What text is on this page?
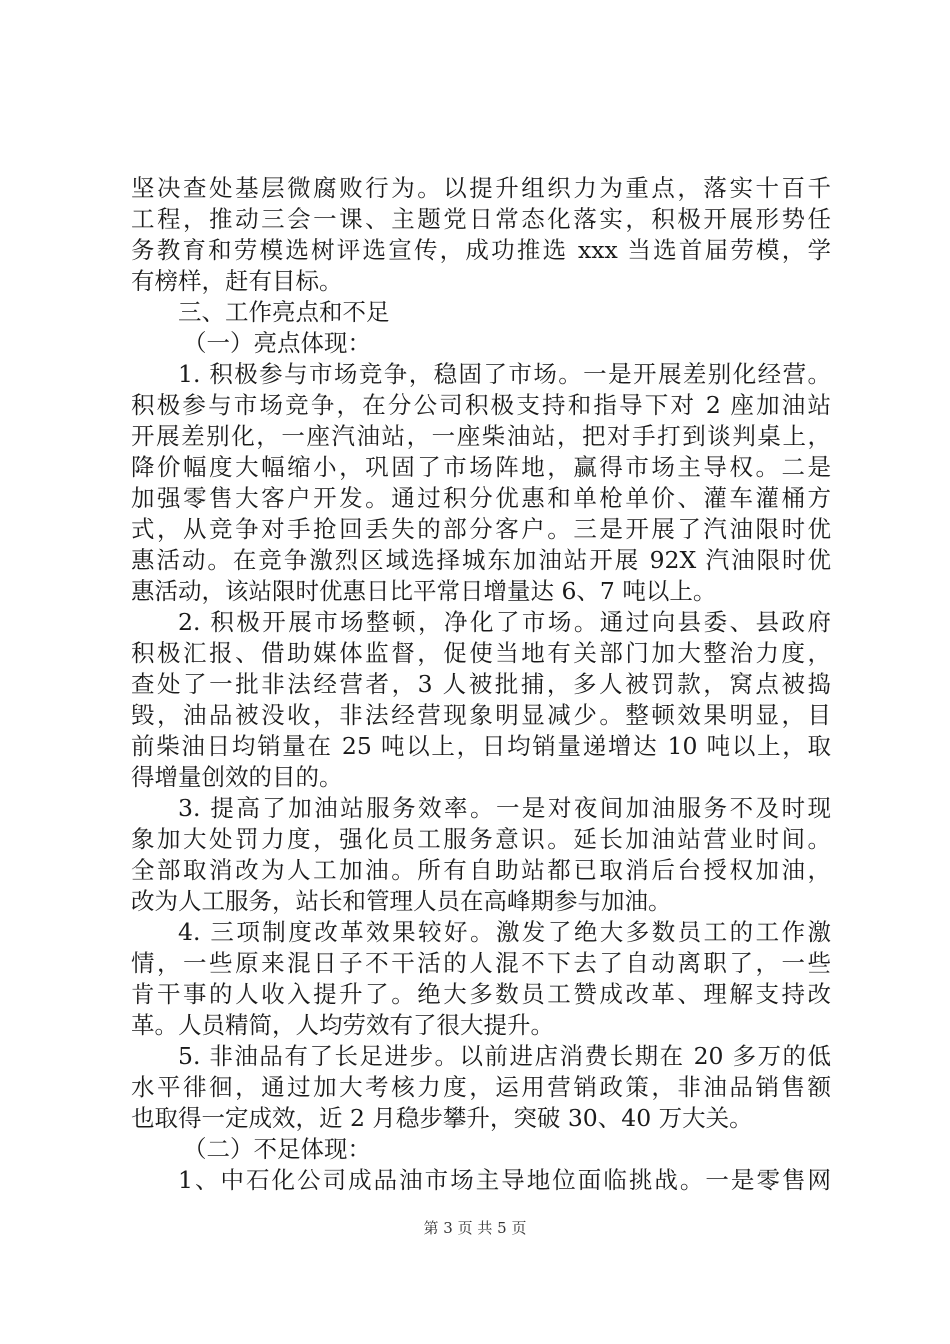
坚决查处基层微腐败行为。以提升组织力为重点，落实十百千
工程，推动三会一课、主题党日常态化落实，积极开展形势任
务教育和劳模选树评选宣传，成功推选 xxx 当选首届劳模，学
有榜样，赶有目标。
三、工作亮点和不足
（一）亮点体现：
1. 积极参与市场竞争，稳固了市场。一是开展差别化经营。
积极参与市场竞争，在分公司积极支持和指导下对 2 座加油站
开展差别化，一座汽油站，一座柴油站，把对手打到谈判桌上，
降价幅度大幅缩小，巩固了市场阵地，赢得市场主导权。二是
加强零售大客户开发。通过积分优惠和单枪单价、灌车灌桶方
式，从竞争对手抢回丢失的部分客户。三是开展了汽油限时优
惠活动。在竞争激烈区域选择城东加油站开展 92X 汽油限时优
惠活动，该站限时优惠日比平常日增量达 6、7 吨以上。
2. 积极开展市场整顿，净化了市场。通过向县委、县政府
积极汇报、借助媒体监督，促使当地有关部门加大整治力度，
查处了一批非法经营者，3 人被批捕，多人被罚款，窝点被捣
毁，油品被没收，非法经营现象明显减少。整顿效果明显，目
前柴油日均销量在 25 吨以上，日均销量递增达 10 吨以上，取
得增量创效的目的。
3. 提高了加油站服务效率。一是对夜间加油服务不及时现
象加大处罚力度，强化员工服务意识。延长加油站营业时间。
全部取消改为人工加油。所有自助站都已取消后台授权加油，
改为人工服务，站长和管理人员在高峰期参与加油。
4. 三项制度改革效果较好。激发了绝大多数员工的工作激
情，一些原来混日子不干活的人混不下去了自动离职了，一些
肯干事的人收入提升了。绝大多数员工赞成改革、理解支持改
革。人员精简，人均劳效有了很大提升。
5. 非油品有了长足进步。以前进店消费长期在 20 多万的低
水平徘徊，通过加大考核力度，运用营销政策，非油品销售额
也取得一定成效，近 2 月稳步攀升，突破 30、40 万大关。
（二）不足体现：
1、中石化公司成品油市场主导地位面临挑战。一是零售网
第 3 页 共 5 页
